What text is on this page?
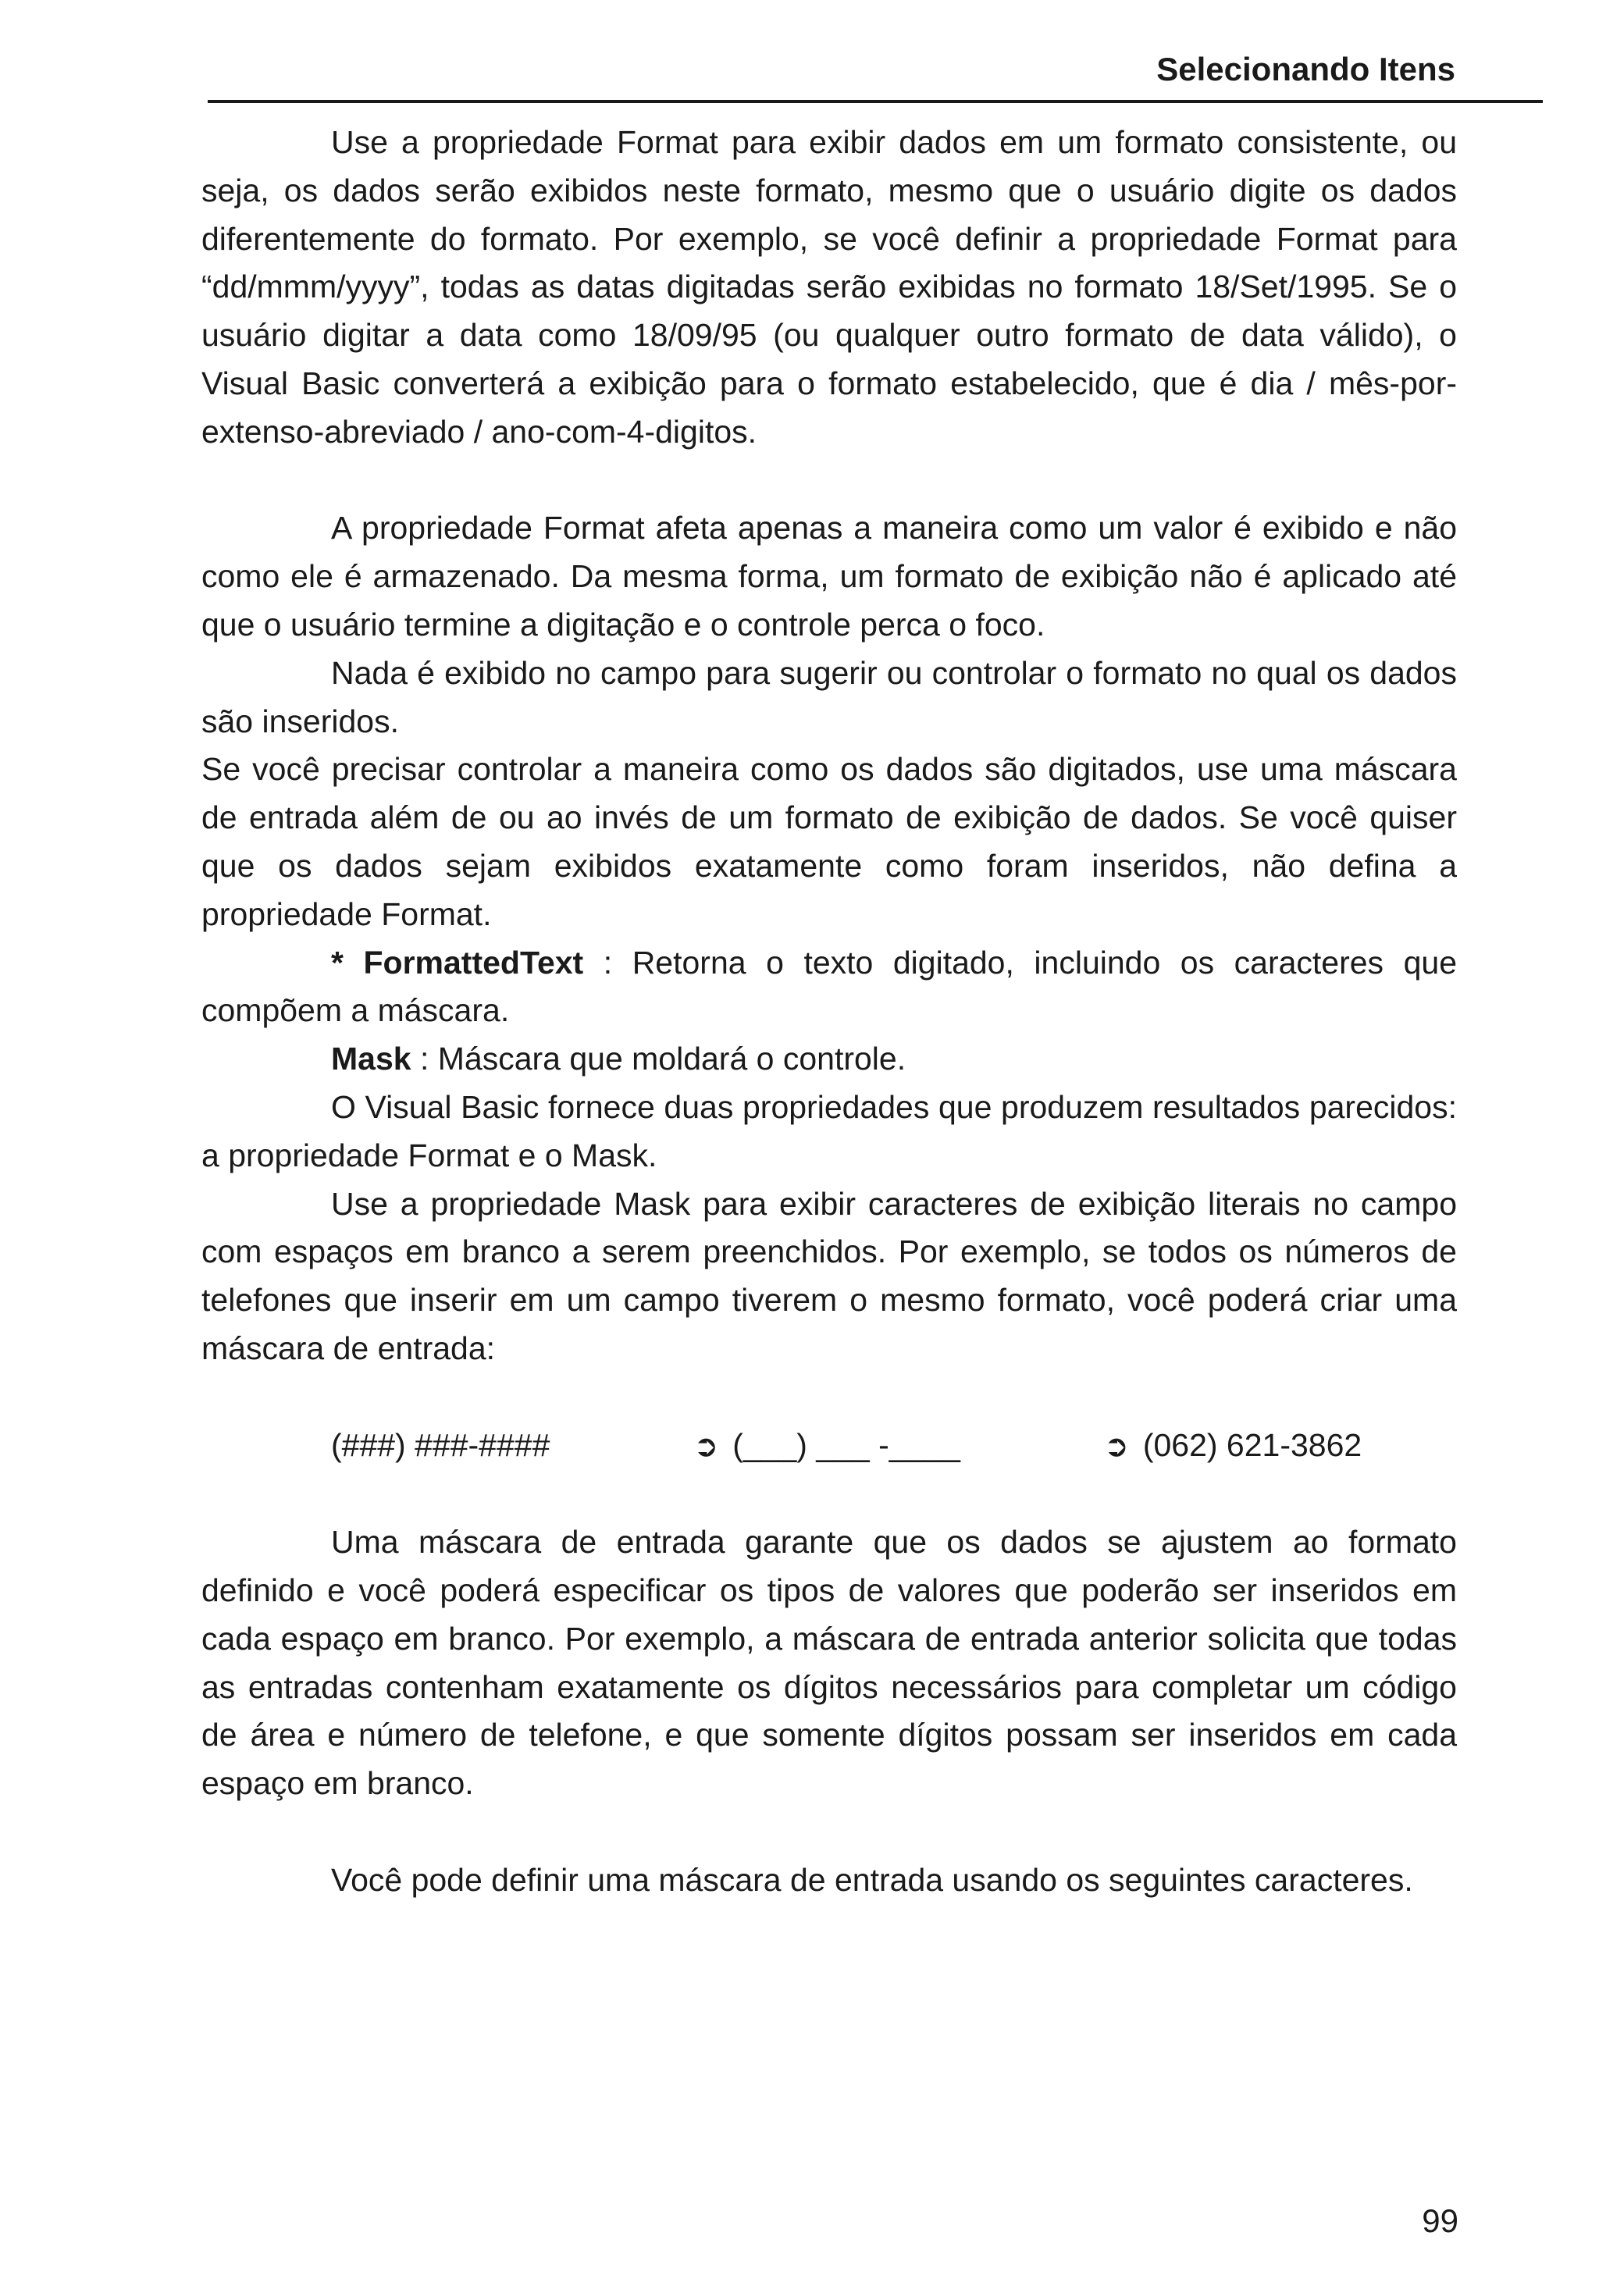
Selecionando Itens

Use a propriedade Format para exibir dados em um formato consistente, ou seja, os dados serão exibidos neste formato, mesmo que o usuário digite os dados diferentemente do formato. Por exemplo, se você definir a propriedade Format para “dd/mmm/yyyy”, todas as datas digitadas serão exibidas no formato 18/Set/1995. Se o usuário digitar a data como 18/09/95 (ou qualquer outro formato de data válido), o Visual Basic converterá a exibição para o formato estabelecido, que é dia / mês-por-extenso-abreviado / ano-com-4-digitos.

A propriedade Format afeta apenas a maneira como um valor é exibido e não como ele é armazenado. Da mesma forma, um formato de exibição não é aplicado até que o usuário termine a digitação e o controle perca o foco.

Nada é exibido no campo para sugerir ou controlar o formato no qual os dados são inseridos.

Se você precisar controlar a maneira como os dados são digitados, use uma máscara de entrada além de ou ao invés de um formato de exibição de dados. Se você quiser que os dados sejam exibidos exatamente como foram inseridos, não defina a propriedade Format.

* FormattedText : Retorna o texto digitado, incluindo os caracteres que compõem a máscara.

Mask : Máscara que moldará o controle.

O Visual Basic fornece duas propriedades que produzem resultados parecidos: a propriedade Format e o Mask.

Use a propriedade Mask para exibir caracteres de exibição literais no campo com espaços em branco a serem preenchidos. Por exemplo, se todos os números de telefones que inserir em um campo tiverem o mesmo formato, você poderá criar uma máscara de entrada:

(###) ###-####	➲ (___) ___ -____	➲ (062) 621-3862

Uma máscara de entrada garante que os dados se ajustem ao formato definido e você poderá especificar os tipos de valores que poderão ser inseridos em cada espaço em branco. Por exemplo, a máscara de entrada anterior solicita que todas as entradas contenham exatamente os dígitos necessários para completar um código de área e número de telefone, e que somente dígitos possam ser inseridos em cada espaço em branco.

Você pode definir uma máscara de entrada usando os seguintes caracteres.

99
